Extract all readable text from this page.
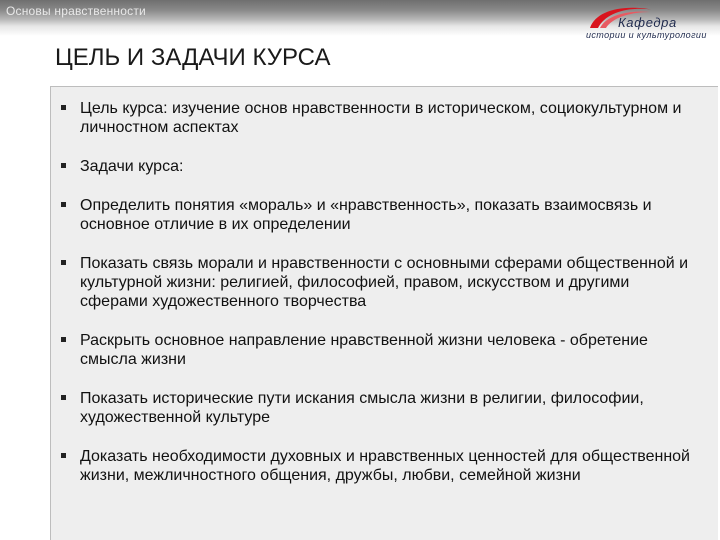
Основы нравственности
Кафедра
истории и культурологии
ЦЕЛЬ И ЗАДАЧИ КУРСА
Цель курса: изучение основ нравственности в историческом, социокультурном и личностном аспектах
Задачи курса:
Определить понятия «мораль» и «нравственность», показать взаимосвязь и основное отличие в их определении
Показать связь морали и нравственности с основными сферами общественной и культурной жизни: религией, философией, правом, искусством и другими сферами художественного творчества
Раскрыть основное направление нравственной жизни человека - обретение смысла жизни
Показать исторические пути искания смысла жизни в религии, философии, художественной культуре
Доказать необходимости духовных и нравственных ценностей для общественной жизни, межличностного общения, дружбы, любви, семейной жизни
